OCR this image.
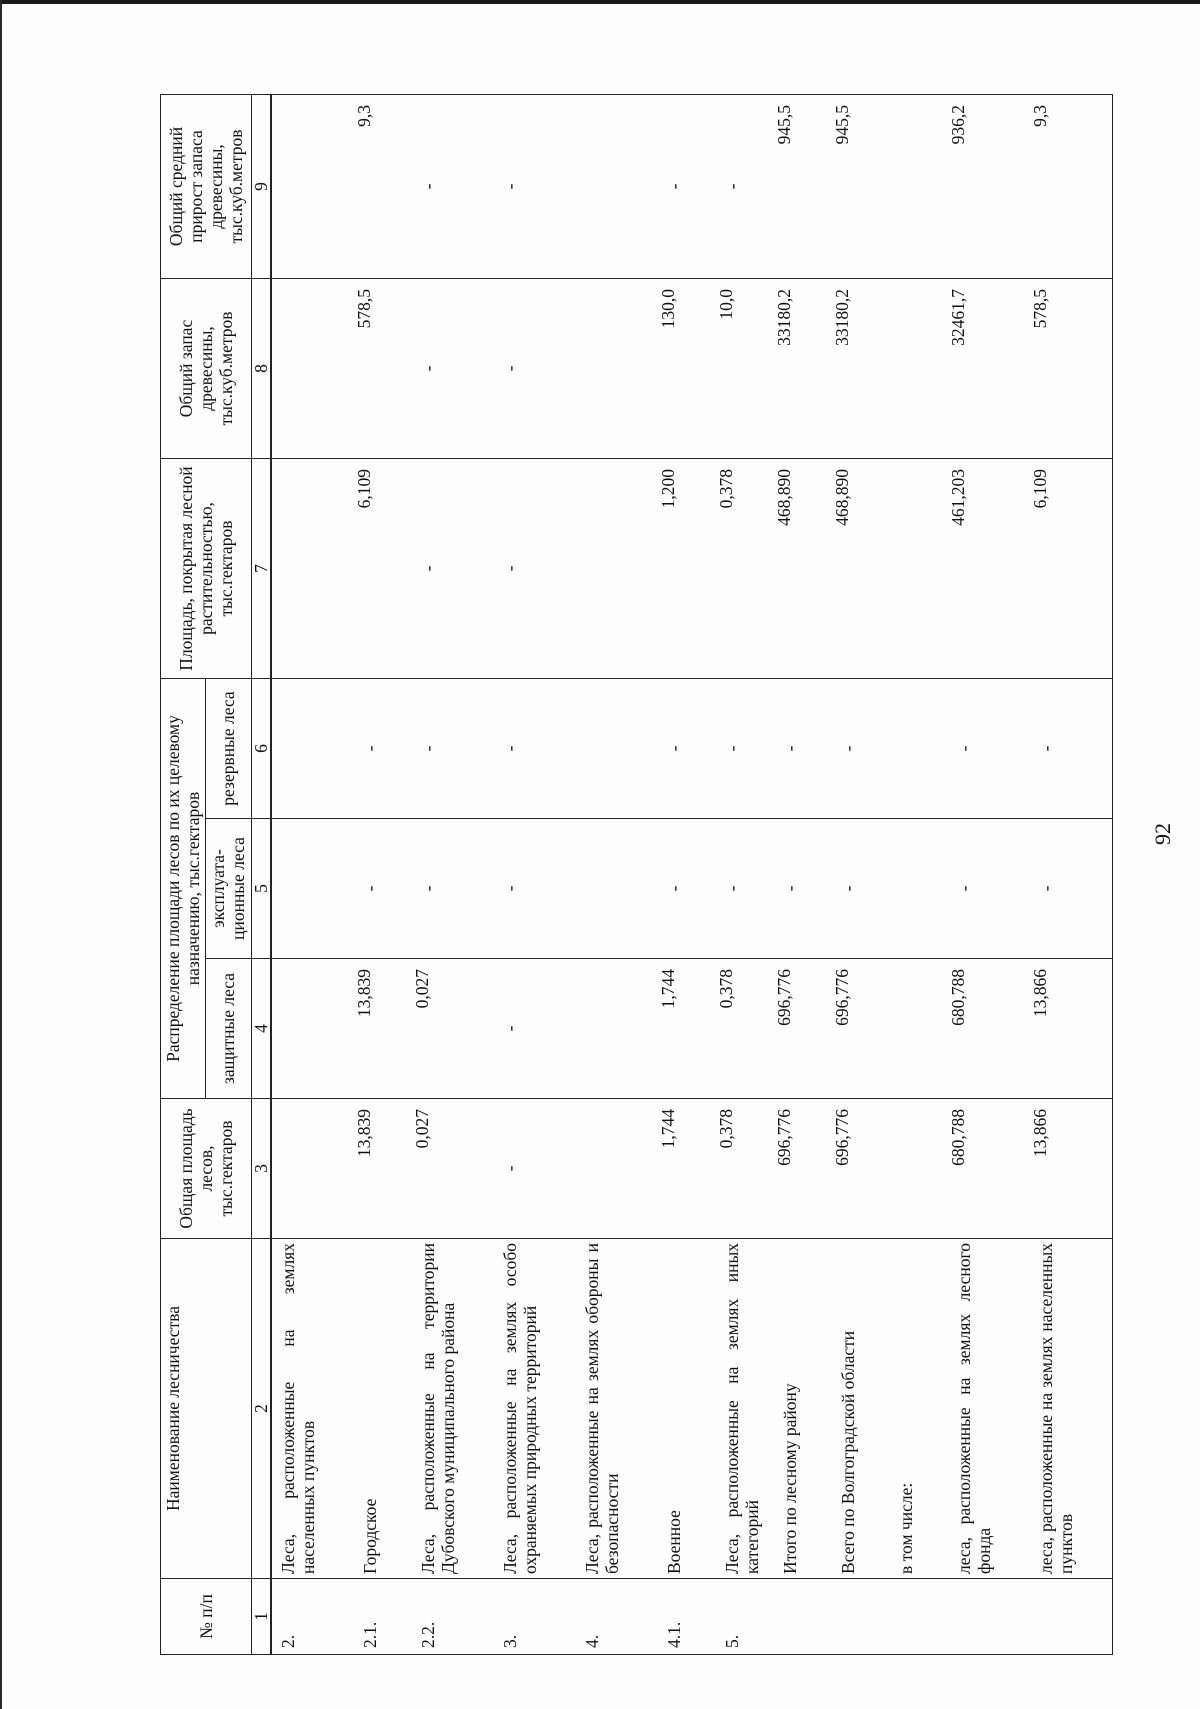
92
№ п/п	Наименование лесничества	Общая площадь лесов, тыс.гектаров	Распределение площади лесов по их целевому назначению, тыс.гектаров			Площадь, покрытая лесной растительностью, тыс.гектаров	Общий запас древесины, тыс.куб.метров	Общий средний прирост запаса древесины, тыс.куб.метров
			защитные леса	эксплуата-ционные леса	резервные леса			
1	2	3	4	5	6	7	8	9
2.	Леса, расположенные на землях населенных пунктов							
2.1.	Городское	13,839	13,839	-	-	6,109	578,5	9,3
2.2.	Леса, расположенные на территории Дубовского муниципального района	0,027	0,027	-	-	-	-	-
3.	Леса, расположенные на землях особо охраняемых природных территорий	-	-	-	-	-	-	-
4.	Леса, расположенные на землях обороны и безопасности							
4.1.	Военное	1,744	1,744	-	-	1,200	130,0	-
5.	Леса, расположенные на землях иных категорий	0,378	0,378	-	-	0,378	10,0	-
	Итого по лесному району	696,776	696,776	-	-	468,890	33180,2	945,5
	Всего по Волгоградской области	696,776	696,776	-	-	468,890	33180,2	945,5
	в том числе:							
	леса, расположенные на землях лесного фонда	680,788	680,788	-	-	461,203	32461,7	936,2
	леса, расположенные на землях населенных пунктов	13,866	13,866	-	-	6,109	578,5	9,3
